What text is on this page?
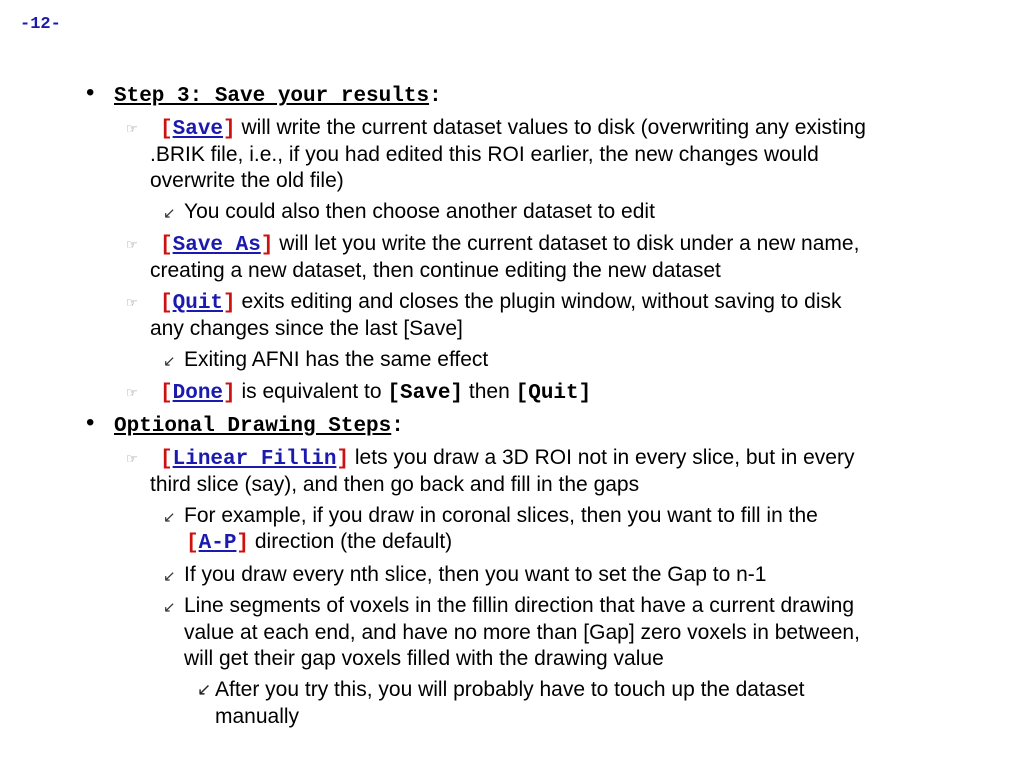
-12-
• Step 3: Save your results:
☞ [Save] will write the current dataset values to disk (overwriting any existing
.BRIK file, i.e., if you had edited this ROI earlier, the new changes would
overwrite the old file)
↙ You could also then choose another dataset to edit
☞ [Save As] will let you write the current dataset to disk under a new name,
creating a new dataset, then continue editing the new dataset
☞ [Quit] exits editing and closes the plugin window, without saving to disk
any changes since the last [Save]
↙ Exiting AFNI has the same effect
☞ [Done] is equivalent to [Save] then [Quit]
• Optional Drawing Steps:
☞ [Linear Fillin] lets you draw a 3D ROI not in every slice, but in every
third slice (say), and then go back and fill in the gaps
↙ For example, if you draw in coronal slices, then you want to fill in the
[A-P] direction (the default)
↙ If you draw every nth slice, then you want to set the Gap to n-1
↙ Line segments of voxels in the fillin direction that have a current drawing
value at each end, and have no more than [Gap] zero voxels in between,
will get their gap voxels filled with the drawing value
↙ After you try this, you will probably have to touch up the dataset
manually
